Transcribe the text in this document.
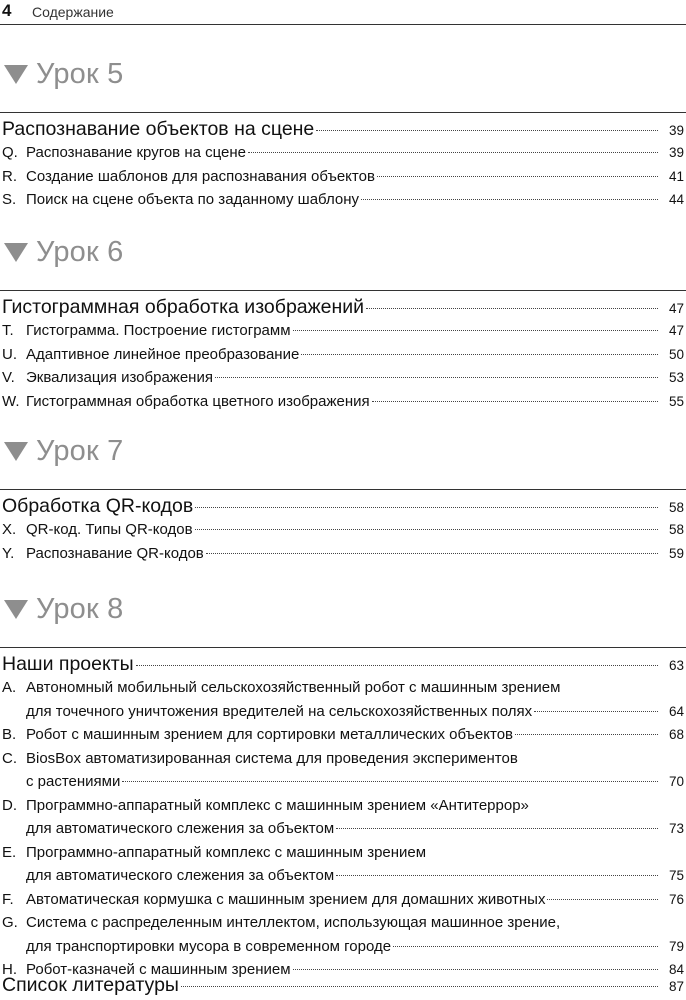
4 Содержание
Урок 5
Распознавание объектов на сцене	39
Q. Распознавание кругов на сцене	39
R. Создание шаблонов для распознавания объектов	41
S. Поиск на сцене объекта по заданному шаблону	44
Урок 6
Гистограммная обработка изображений	47
T. Гистограмма. Построение гистограмм	47
U. Адаптивное линейное преобразование	50
V. Эквализация изображения	53
W. Гистограммная обработка цветного изображения	55
Урок 7
Обработка QR-кодов	58
X. QR-код. Типы QR-кодов	58
Y. Распознавание QR-кодов	59
Урок 8
Наши проекты	63
A. Автономный мобильный сельскохозяйственный робот с машинным зрением
для точечного уничтожения вредителей на сельскохозяйственных полях	64
B. Робот с машинным зрением для сортировки металлических объектов	68
C. BiosBox автоматизированная система для проведения экспериментов
с растениями	70
D. Программно-аппаратный комплекс с машинным зрением «Антитеррор»
для автоматического слежения за объектом	73
E. Программно-аппаратный комплекс с машинным зрением
для автоматического слежения за объектом	75
F. Автоматическая кормушка с машинным зрением для домашних животных	76
G. Система с распределенным интеллектом, использующая машинное зрение,
для транспортировки мусора в современном городе	79
H. Робот-казначей с машинным зрением	84
Список литературы	87
